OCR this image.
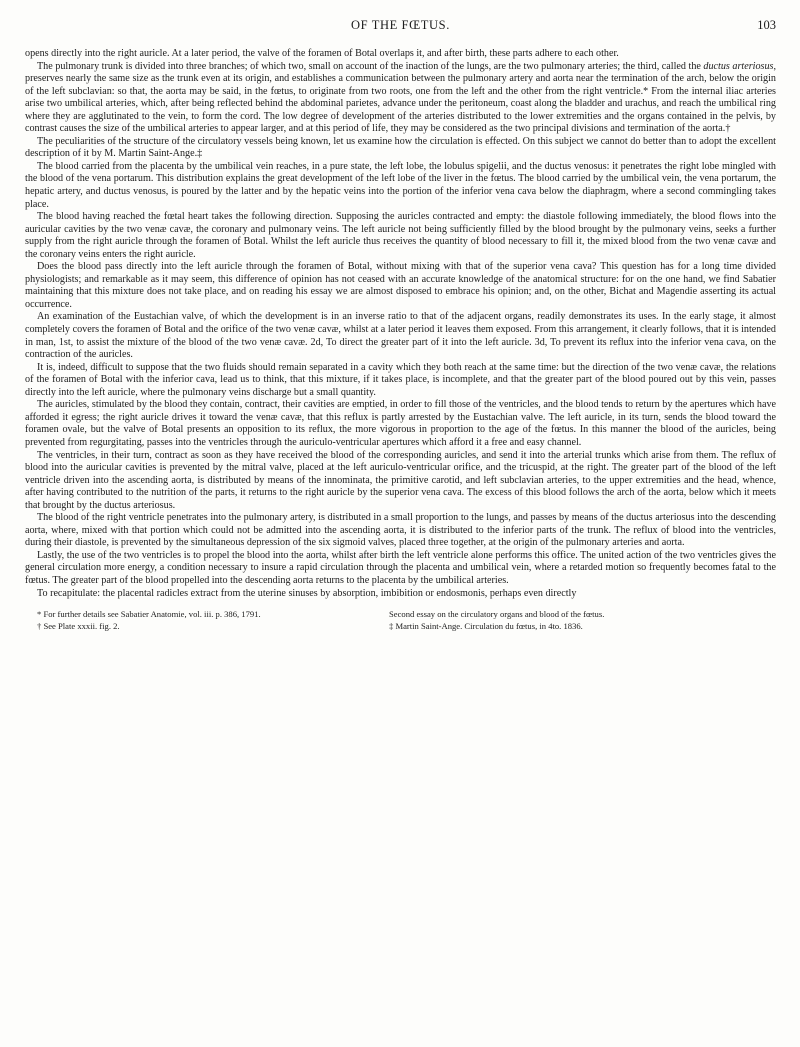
OF THE FŒTUS.	103

opens directly into the right auricle. At a later period, the valve of the foramen of Botal overlaps it, and after birth, these parts adhere to each other.

The pulmonary trunk is divided into three branches; of which two, small on account of the inaction of the lungs, are the two pulmonary arteries; the third, called the ductus arteriosus, preserves nearly the same size as the trunk even at its origin, and establishes a communication between the pulmonary artery and aorta near the termination of the arch, below the origin of the left subclavian: so that, the aorta may be said, in the fœtus, to originate from two roots, one from the left and the other from the right ventricle.* From the internal iliac arteries arise two umbilical arteries, which, after being reflected behind the abdominal parietes, advance under the peritoneum, coast along the bladder and urachus, and reach the umbilical ring where they are agglutinated to the vein, to form the cord. The low degree of development of the arteries distributed to the lower extremities and the organs contained in the pelvis, by contrast causes the size of the umbilical arteries to appear larger, and at this period of life, they may be considered as the two principal divisions and termination of the aorta.†

The peculiarities of the structure of the circulatory vessels being known, let us examine how the circulation is effected. On this subject we cannot do better than to adopt the excellent description of it by M. Martin Saint-Ange.‡

The blood carried from the placenta by the umbilical vein reaches, in a pure state, the left lobe, the lobulus spigelii, and the ductus venosus: it penetrates the right lobe mingled with the blood of the vena portarum. This distribution explains the great development of the left lobe of the liver in the fœtus. The blood carried by the umbilical vein, the vena portarum, the hepatic artery, and ductus venosus, is poured by the latter and by the hepatic veins into the portion of the inferior vena cava below the diaphragm, where a second commingling takes place.

The blood having reached the fœtal heart takes the following direction. Supposing the auricles contracted and empty: the diastole following immediately, the blood flows into the auricular cavities by the two venæ cavæ, the coronary and pulmonary veins. The left auricle not being sufficiently filled by the blood brought by the pulmonary veins, seeks a further supply from the right auricle through the foramen of Botal. Whilst the left auricle thus receives the quantity of blood necessary to fill it, the mixed blood from the two venæ cavæ and the coronary veins enters the right auricle.

Does the blood pass directly into the left auricle through the foramen of Botal, without mixing with that of the superior vena cava? This question has for a long time divided physiologists; and remarkable as it may seem, this difference of opinion has not ceased with an accurate knowledge of the anatomical structure: for on the one hand, we find Sabatier maintaining that this mixture does not take place, and on reading his essay we are almost disposed to embrace his opinion; and, on the other, Bichat and Magendie asserting its actual occurrence.

An examination of the Eustachian valve, of which the development is in an inverse ratio to that of the adjacent organs, readily demonstrates its uses. In the early stage, it almost completely covers the foramen of Botal and the orifice of the two venæ cavæ, whilst at a later period it leaves them exposed. From this arrangement, it clearly follows, that it is intended in man, 1st, to assist the mixture of the blood of the two venæ cavæ. 2d, To direct the greater part of it into the left auricle. 3d, To prevent its reflux into the inferior vena cava, on the contraction of the auricles.

It is, indeed, difficult to suppose that the two fluids should remain separated in a cavity which they both reach at the same time: but the direction of the two venæ cavæ, the relations of the foramen of Botal with the inferior cava, lead us to think, that this mixture, if it takes place, is incomplete, and that the greater part of the blood poured out by this vein, passes directly into the left auricle, where the pulmonary veins discharge but a small quantity.

The auricles, stimulated by the blood they contain, contract, their cavities are emptied, in order to fill those of the ventricles, and the blood tends to return by the apertures which have afforded it egress; the right auricle drives it toward the venæ cavæ, that this reflux is partly arrested by the Eustachian valve. The left auricle, in its turn, sends the blood toward the foramen ovale, but the valve of Botal presents an opposition to its reflux, the more vigorous in proportion to the age of the fœtus. In this manner the blood of the auricles, being prevented from regurgitating, passes into the ventricles through the auriculo-ventricular apertures which afford it a free and easy channel.

The ventricles, in their turn, contract as soon as they have received the blood of the corresponding auricles, and send it into the arterial trunks which arise from them. The reflux of blood into the auricular cavities is prevented by the mitral valve, placed at the left auriculo-ventricular orifice, and the tricuspid, at the right. The greater part of the blood of the left ventricle driven into the ascending aorta, is distributed by means of the innominata, the primitive carotid, and left subclavian arteries, to the upper extremities and the head, whence, after having contributed to the nutrition of the parts, it returns to the right auricle by the superior vena cava. The excess of this blood follows the arch of the aorta, below which it meets that brought by the ductus arteriosus.

The blood of the right ventricle penetrates into the pulmonary artery, is distributed in a small proportion to the lungs, and passes by means of the ductus arteriosus into the descending aorta, where, mixed with that portion which could not be admitted into the ascending aorta, it is distributed to the inferior parts of the trunk. The reflux of blood into the ventricles, during their diastole, is prevented by the simultaneous depression of the six sigmoid valves, placed three together, at the origin of the pulmonary arteries and aorta.

Lastly, the use of the two ventricles is to propel the blood into the aorta, whilst after birth the left ventricle alone performs this office. The united action of the two ventricles gives the general circulation more energy, a condition necessary to insure a rapid circulation through the placenta and umbilical vein, where a retarded motion so frequently becomes fatal to the fœtus. The greater part of the blood propelled into the descending aorta returns to the placenta by the umbilical arteries.

To recapitulate: the placental radicles extract from the uterine sinuses by absorption, imbibition or endosmonis, perhaps even directly

* For further details see Sabatier Anatomie, vol. iii. p. 386, 1791.	Second essay on the circulatory organs and blood of the fœtus.
† See Plate xxxii. fig. 2.	‡ Martin Saint-Ange. Circulation du fœtus, in 4to. 1836.
